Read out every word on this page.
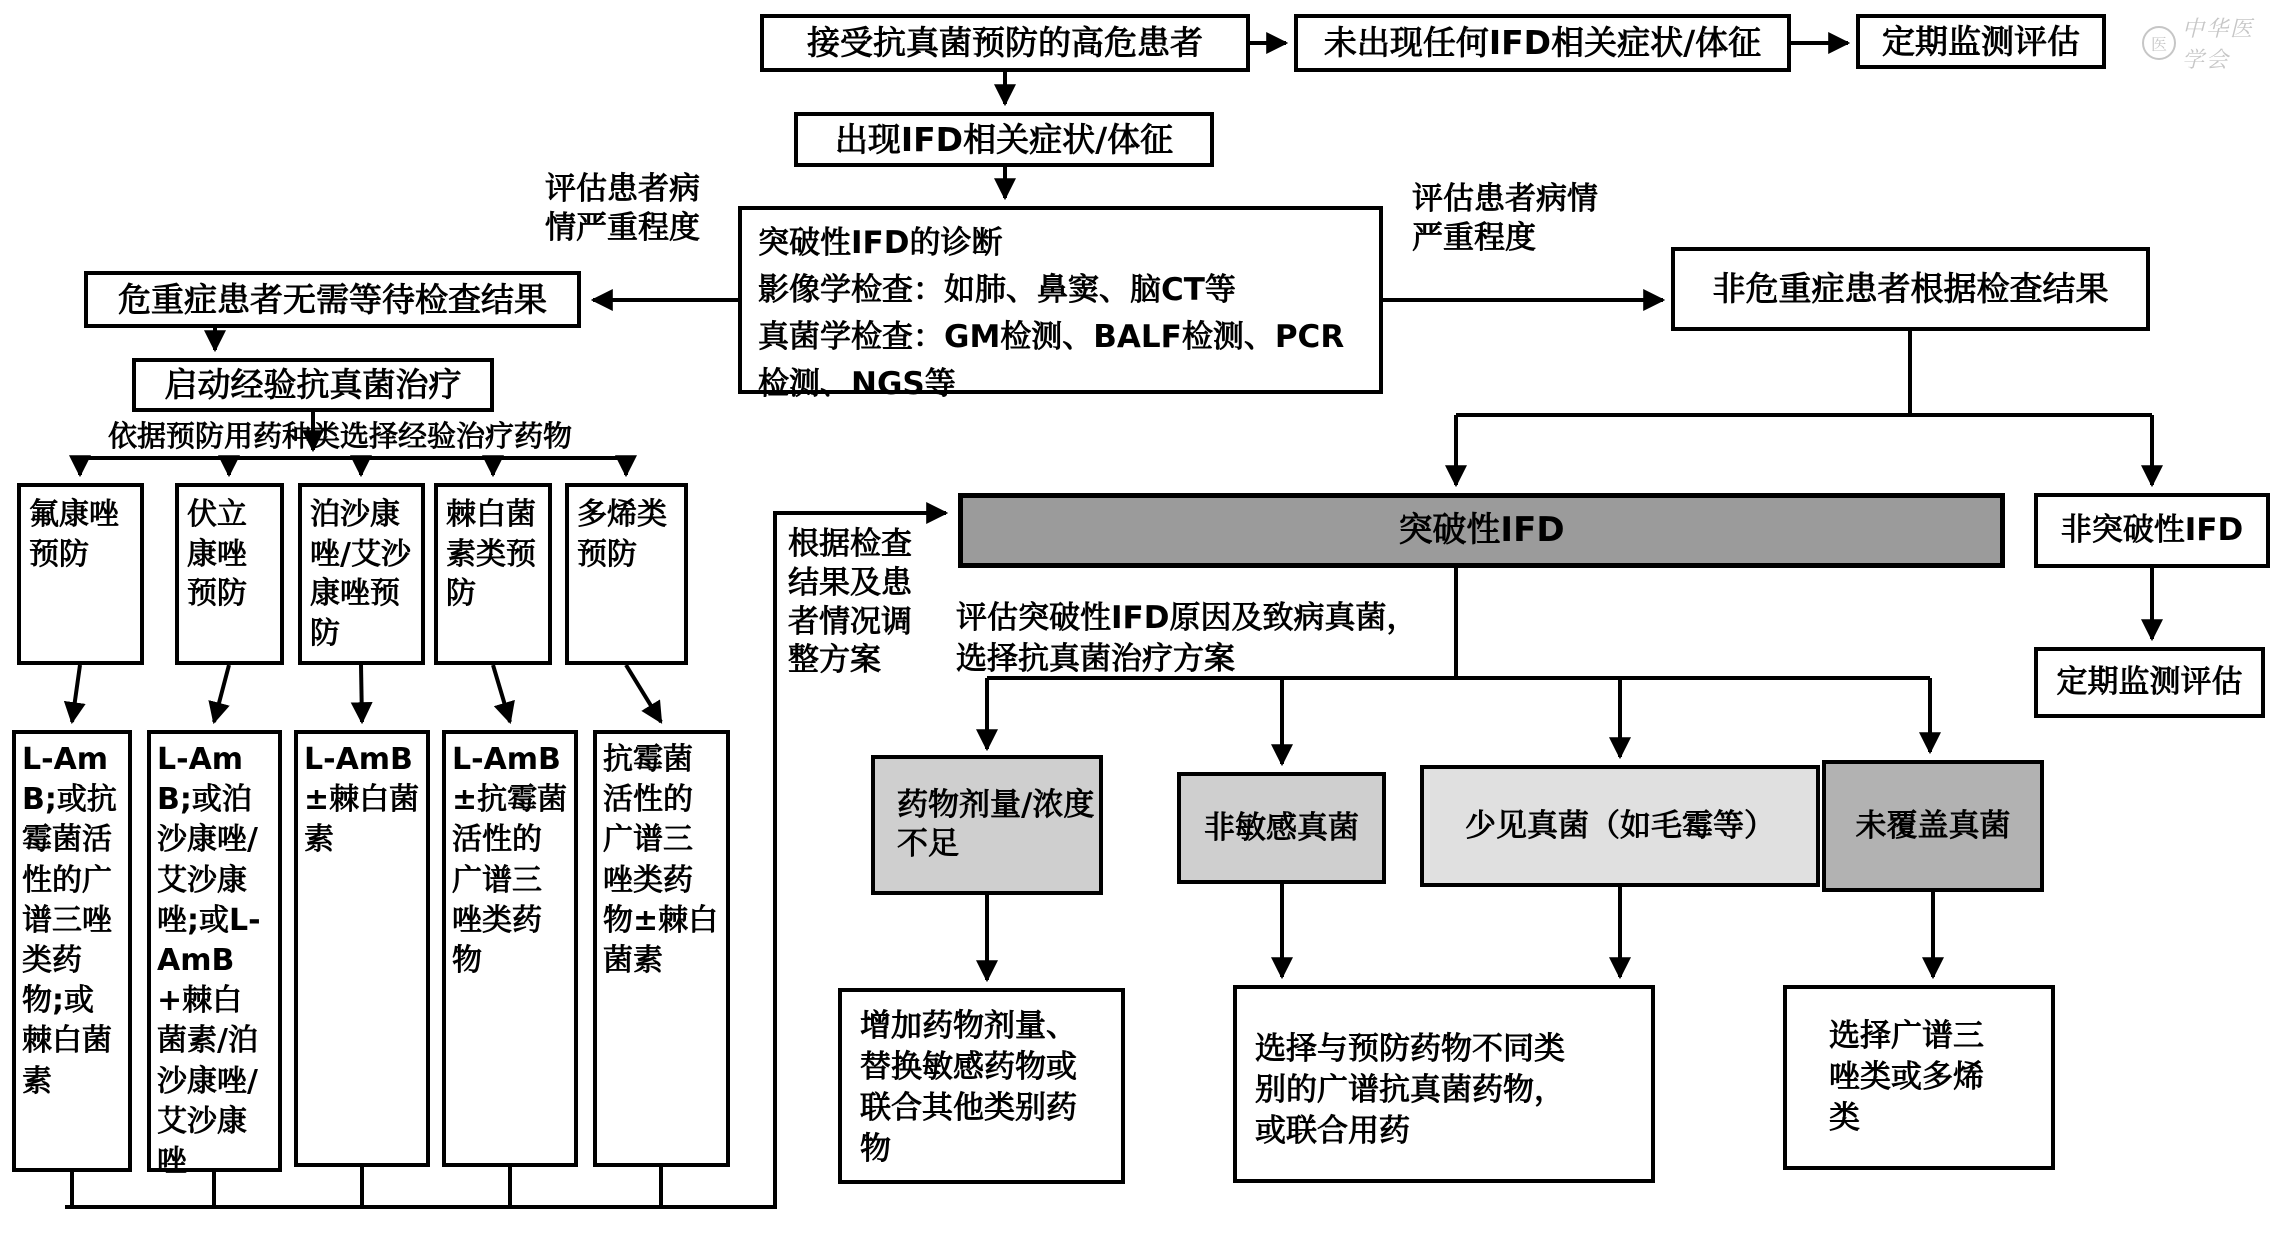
医
中华医学会
接受抗真菌预防的高危患者	未出现任何IFD相关症状/体征	定期监测评估
出现IFD相关症状/体征
突破性IFD的诊断
影像学检查：如肺、鼻窦、脑CT等
真菌学检查：GM检测、BALF检测、PCR检测、NGS等
评估患者病情严重程度
评估患者病情严重程度
危重症患者无需等待检查结果
启动经验抗真菌治疗
依据预防用药种类选择经验治疗药物
氟康唑预防
伏立康唑预防
泊沙康唑/艾沙康唑预防
棘白菌素类预防
多烯类预防
L-AmB;或抗霉菌活性的广谱三唑类药物;或棘白菌素
L-AmB;或泊沙康唑/艾沙康唑;或L-AmB+棘白菌素/泊沙康唑/艾沙康唑
L-AmB±棘白菌素
L-AmB±抗霉菌活性的广谱三唑类药物
抗霉菌活性的广谱三唑类药物±棘白菌素
非危重症患者根据检查结果
突破性IFD	非突破性IFD
定期监测评估
根据检查结果及患者情况调整方案
评估突破性IFD原因及致病真菌，
选择抗真菌治疗方案
药物剂量/浓度不足	非敏感真菌	少见真菌（如毛霉等）	未覆盖真菌
增加药物剂量、替换敏感药物或联合其他类别药物
选择与预防药物不同类别的广谱抗真菌药物，或联合用药
选择广谱三唑类或多烯类
